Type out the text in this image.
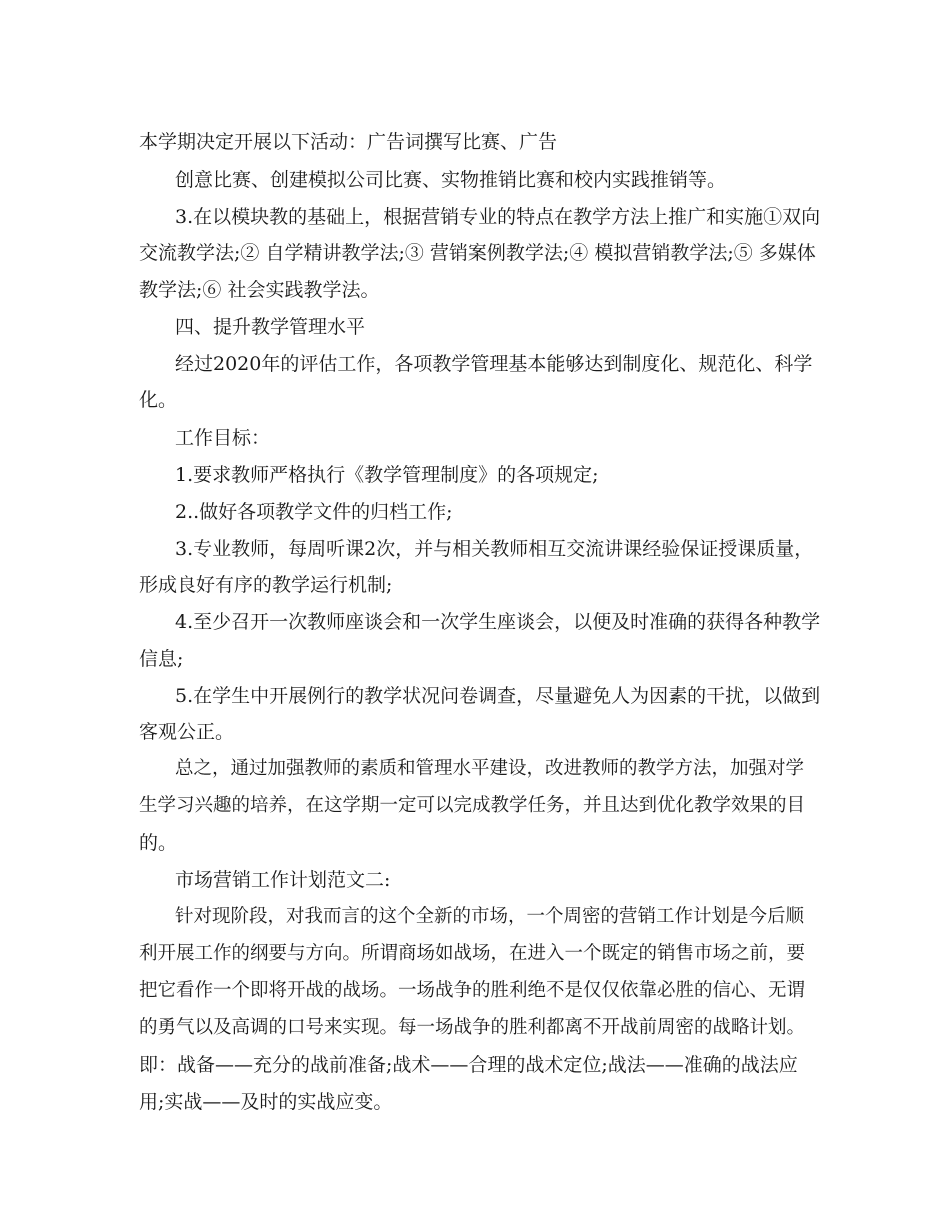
本学期决定开展以下活动：广告词撰写比赛、广告
创意比赛、创建模拟公司比赛、实物推销比赛和校内实践推销等。
3.在以模块教的基础上，根据营销专业的特点在教学方法上推广和实施①双向
交流教学法;② 自学精讲教学法;③ 营销案例教学法;④ 模拟营销教学法;⑤ 多媒体
教学法;⑥ 社会实践教学法。
四、提升教学管理水平
经过2020年的评估工作，各项教学管理基本能够达到制度化、规范化、科学
化。
工作目标：
1.要求教师严格执行《教学管理制度》的各项规定;
2..做好各项教学文件的归档工作;
3.专业教师，每周听课2次，并与相关教师相互交流讲课经验保证授课质量，
形成良好有序的教学运行机制;
4.至少召开一次教师座谈会和一次学生座谈会，以便及时准确的获得各种教学
信息;
5.在学生中开展例行的教学状况问卷调查，尽量避免人为因素的干扰，以做到
客观公正。
总之，通过加强教师的素质和管理水平建设，改进教师的教学方法，加强对学
生学习兴趣的培养，在这学期一定可以完成教学任务，并且达到优化教学效果的目
的。
市场营销工作计划范文二:
针对现阶段，对我而言的这个全新的市场，一个周密的营销工作计划是今后顺
利开展工作的纲要与方向。所谓商场如战场，在进入一个既定的销售市场之前，要
把它看作一个即将开战的战场。一场战争的胜利绝不是仅仅依靠必胜的信心、无谓
的勇气以及高调的口号来实现。每一场战争的胜利都离不开战前周密的战略计划。
即：战备——充分的战前准备;战术——合理的战术定位;战法——准确的战法应
用;实战——及时的实战应变。
